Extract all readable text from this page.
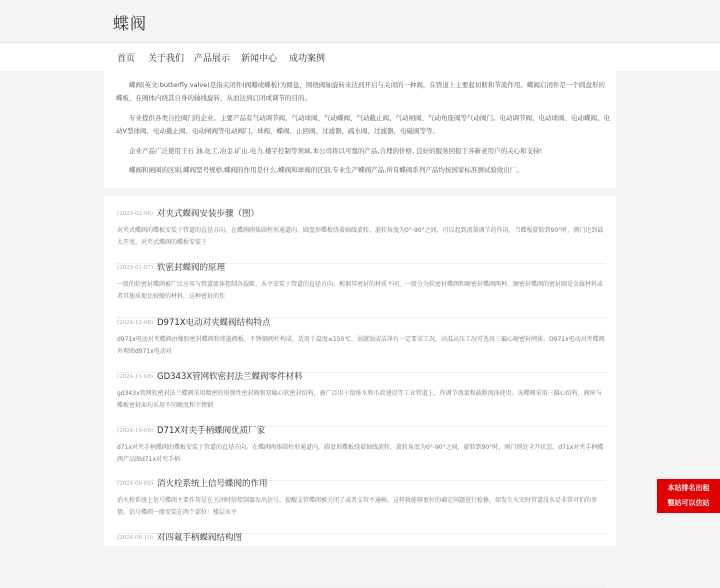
蝶阀
首页 关于我们 产品展示 新闻中心 成功案例

蝶阀(英文:butterfly valve)是指关闭件(阀瓣或蝶板)为圆盘，围绕阀轴旋转来达到开启与关闭的一种阀，在管道上主要起切断和节流作用。蝶阀启闭件是一个圆盘形的蝶板，在阀体内绕其自身的轴线旋转，从而达到启闭或调节的目的。

专业提供各类自控阀门的企业。主要产品有气动调节阀、气动球阀、气动蝶阀、气动截止阀、气动闸阀、气动角座阀等气动阀门。电动调节阀、电动球阀、电动蝶阀、电动V型球阀、电动截止阀、电动闸阀等电动阀门。球阀、蝶阀、止回阀、过滤器、疏水阀、过滤器、电磁阀等等。

企业产品广泛使用于石 油.化工.冶金.矿山.电力.楼宇控制等领域.本公司将以可靠的产品,合理的价格, 良好的服务回报于各新老用户的关心和支持!

蝶阀和闸阀的区别,蝶阀型号规格,蝶阀的作用是什么,蝶阀和球阀的区别,专业生产蝶阀产品,所有蝶阀系列产品均按国家标准测试验收出厂。

(2025-02-06) 对夹式蝶阀安装步骤（图）
对夹式蝶阀的蝶板安装于管道的直径方向。在蝶阀阀体圆柱形通道内，圆盘形蝶板绕着轴线旋转，旋转角度为0°-90°之间，可以起到流量调节的作用，当蝶板旋转到90°时，阀门达到最大开度。对夹式蝶阀的蝶板安装于
(2025-01-07) 软密封蝶阀的原理
一般的软密封蝶阀被广泛应用与管道流体控制各载断、水平安装于管道的直径方向。根据其密封的材质不同，一般分为软密封蝶阀和硬密封蝶阀两种。硬密封蝶阀的密封副是金属材料或者其他质地比较硬的材料，这种密封的性
(2024-12-08) D971X电动对夹蝶阀结构特点
d971x电动对夹蝶阀由橡胶密封蝶阀和球墨阀板、不锈钢阀杆构成。适用于温度≤150℃，弱腐蚀或洁净有一定要求工况，高温高压工况可选用三偏心硬密封闸体。D971x电动对夹蝶阀外观图d971x电动对
(2024-11-08) GD343X管网软密封法兰蝶阀零件材料
gd343x管网软密封法兰蝶阀采用精密的形弹性密封圈和双偏心软密封结构，被广泛用于给排水和市政建设等工业管道上，作调节流量和截断流体使用。该蝶阀采用三偏心结构，阀座与蝶板密封面均采用不同硬度和不锈钢
(2024-10-09) D71X对夹手柄蝶阀优质厂家
d71x对夹手柄蝶阀的蝶板安装于管道的直径方向。在蝶阀阀体圆柱形通道内，圆盘形蝶板绕着轴线旋转，旋转角度为0°-90°之间，旋转到90°时，阀门则处全开状态。d71x对夹手柄蝶阀产品图d71x对夹手柄
(2024-09-09) 消火栓系统上信号蝶阀的作用
消火栓系统上信号蝶阀主要作用是在关闭时给控制器发出信号，提醒支管蝶阀被关闭了或者支管不通畅，这样就能够更好的确定问题进行检修，如发生火灾时管道没水是非常可怕的事情。信号蝶阀一般安装在两个部位：楼层水平
(2024-08-10) 对四氟手柄蝶阀结构图
本站排名出租
整站可以仿站
